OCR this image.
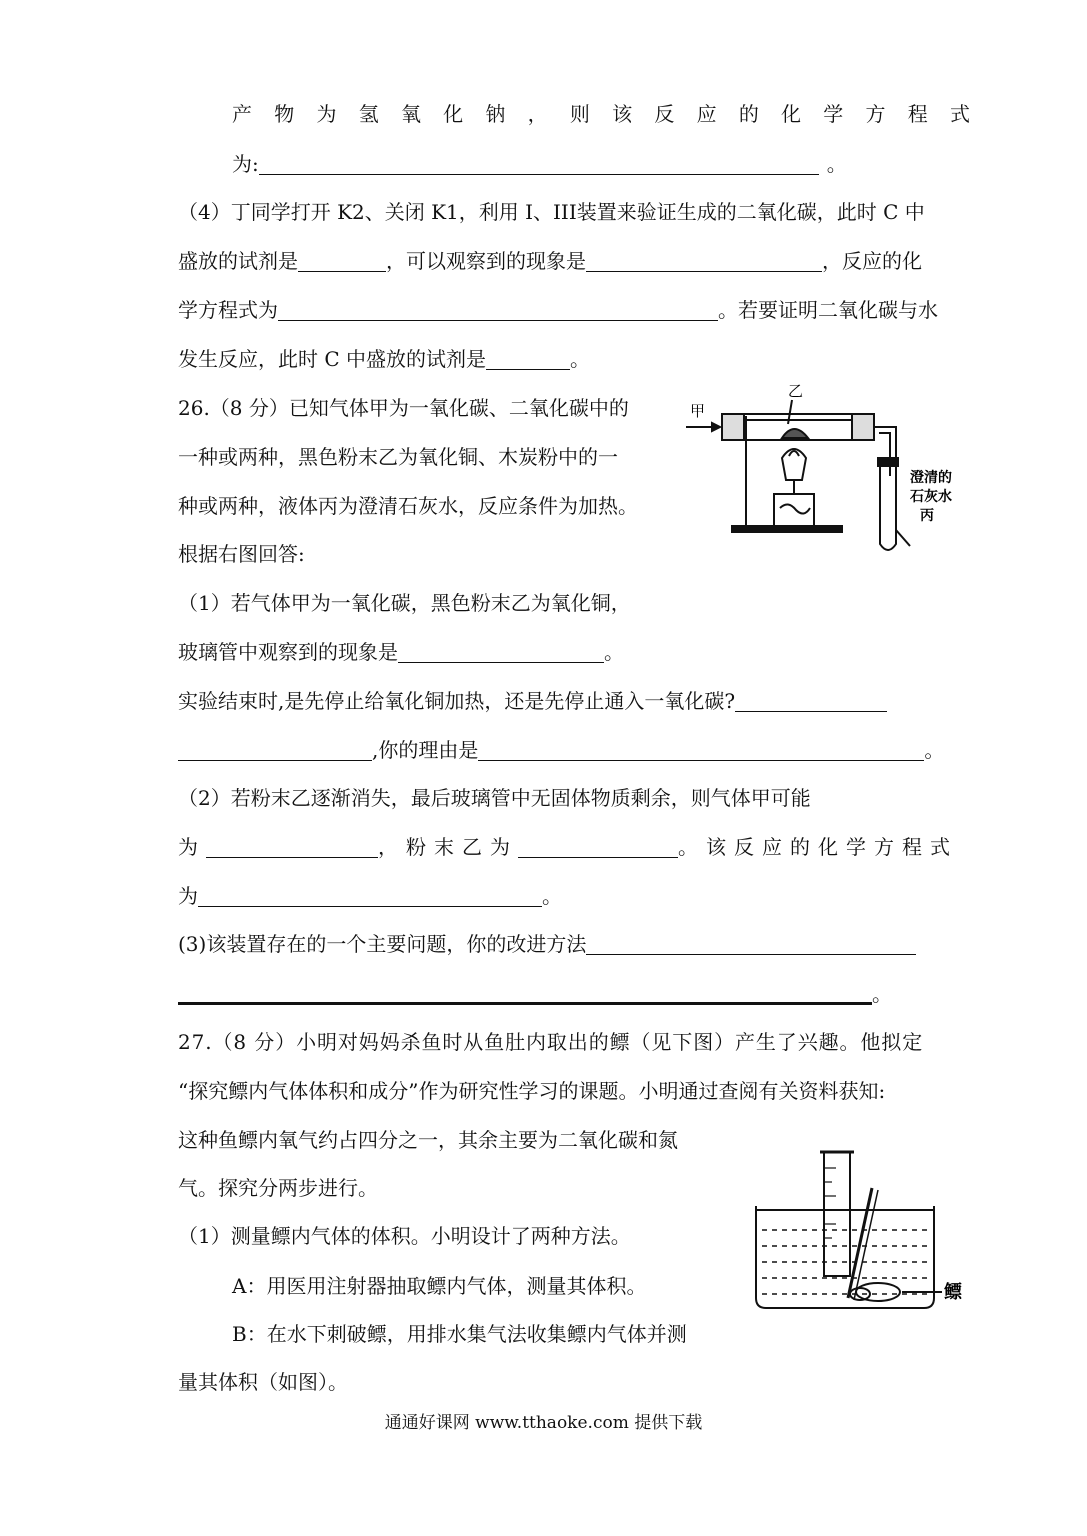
产 物 为 氢 氧 化 钠 ， 则 该 反 应 的 化 学 方 程 式
为:	。
（4）丁同学打开 K2、关闭 K1，利用 I、III装置来验证生成的二氧化碳，此时 C 中
盛放的试剂是	，可以观察到的现象是	，反应的化
学方程式为	。若要证明二氧化碳与水
发生反应，此时 C 中盛放的试剂是	。
26.（8 分）已知气体甲为一氧化碳、二氧化碳中的
一种或两种，黑色粉末乙为氧化铜、木炭粉中的一
种或两种，液体丙为澄清石灰水，反应条件为加热。
根据右图回答:
甲
乙
澄清的
石灰水
丙
（1）若气体甲为一氧化碳，黑色粉末乙为氧化铜，
玻璃管中观察到的现象是	。
实验结束时,是先停止给氧化铜加热，还是先停止通入一氧化碳?
,你的理由是	。
（2）若粉末乙逐渐消失，最后玻璃管中无固体物质剩余，则气体甲可能
为	，粉末乙为	。该反应的化学方程式
为	。
(3)该装置存在的一个主要问题，你的改进方法
。
27.（8 分）小明对妈妈杀鱼时从鱼肚内取出的鳔（见下图）产生了兴趣。他拟定
“探究鳔内气体体积和成分”作为研究性学习的课题。小明通过查阅有关资料获知:
这种鱼鳔内氧气约占四分之一，其余主要为二氧化碳和氮
气。探究分两步进行。
（1）测量鳔内气体的体积。小明设计了两种方法。
A：用医用注射器抽取鳔内气体，测量其体积。
B：在水下刺破鳔，用排水集气法收集鳔内气体并测
量其体积（如图）。
鳔
通通好课网 www.tthaoke.com 提供下载
